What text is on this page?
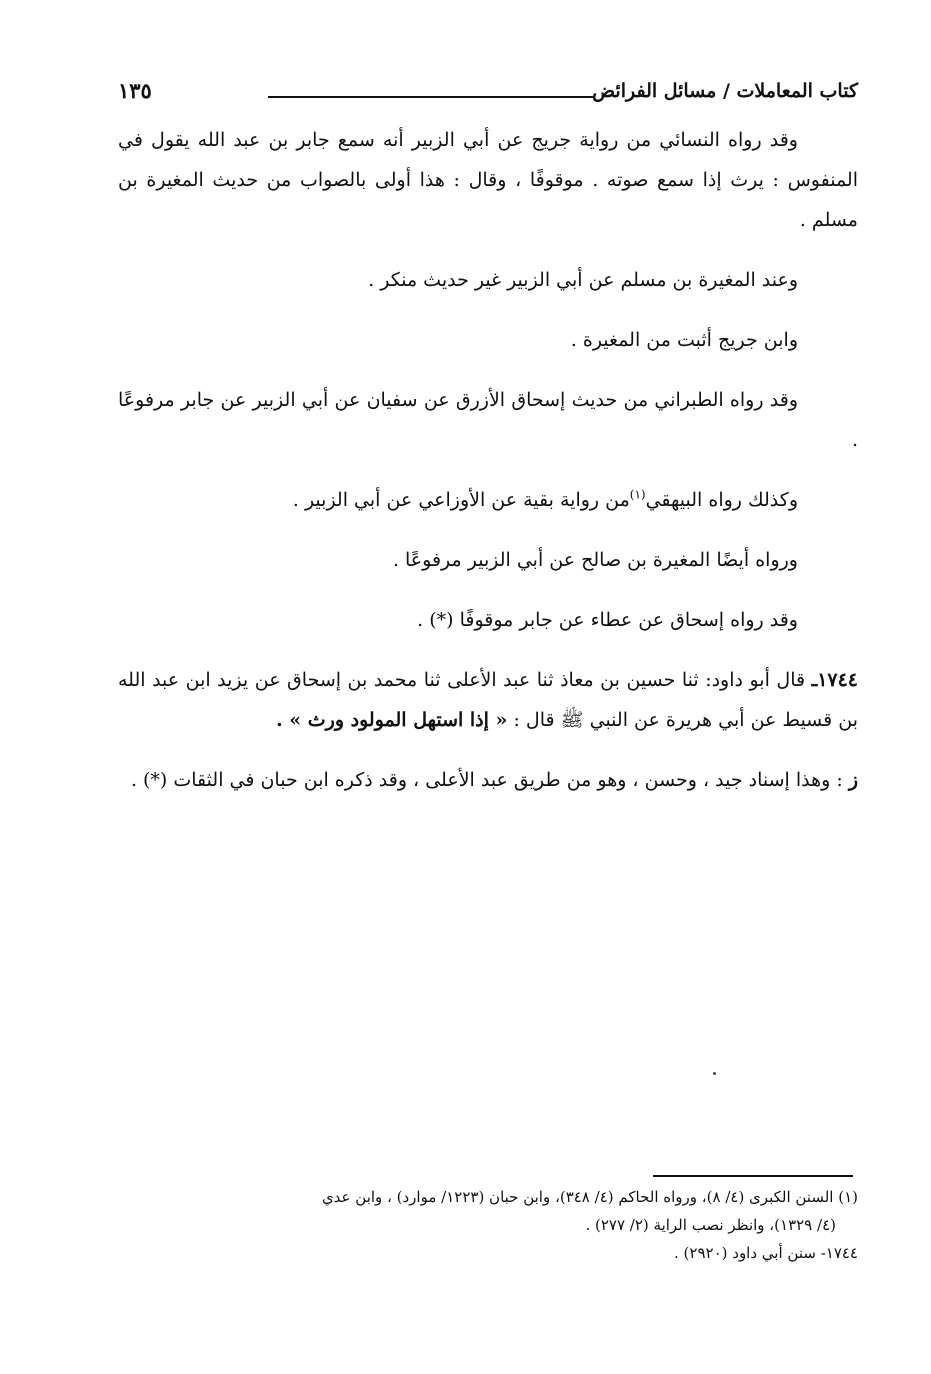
كتاب المعاملات / مسائل الفرائض
١٣٥

وقد رواه النسائي من رواية جريج عن أبي الزبير أنه سمع جابر بن عبد الله يقول في المنفوس : يرث إذا سمع صوته . موقوفًا ، وقال : هذا أولى بالصواب من حديث المغيرة بن مسلم .

وعند المغيرة بن مسلم عن أبي الزبير غير حديث منكر .

وابن جريج أثبت من المغيرة .

وقد رواه الطبراني من حديث إسحاق الأزرق عن سفيان عن أبي الزبير عن جابر مرفوعًا .

وكذلك رواه البيهقي$^{(١)}$من رواية بقية عن الأوزاعي عن أبي الزبير .

ورواه أيضًا المغيرة بن صالح عن أبي الزبير مرفوعًا .

وقد رواه إسحاق عن عطاء عن جابر موقوفًا (*) .

١٧٤٤ـ قال أبو داود: ثنا حسين بن معاذ ثنا عبد الأعلى ثنا محمد بن إسحاق عن يزيد ابن عبد الله بن قسيط عن أبي هريرة عن النبي ﷺ قال : « إذا استهل المولود ورث » .

ز : وهذا إسناد جيد ، وحسن ، وهو من طريق عبد الأعلى ، وقد ذكره ابن حبان في الثقات (*) .

(١) السنن الكبرى (٤/ ٨)، ورواه الحاكم (٤/ ٣٤٨)، وابن حبان (١٢٢٣/ موارد) ، وابن عدي

(٤/ ١٣٢٩)، وانظر نصب الراية (٢/ ٢٧٧) .

١٧٤٤- سنن أبي داود (٢٩٢٠) .
